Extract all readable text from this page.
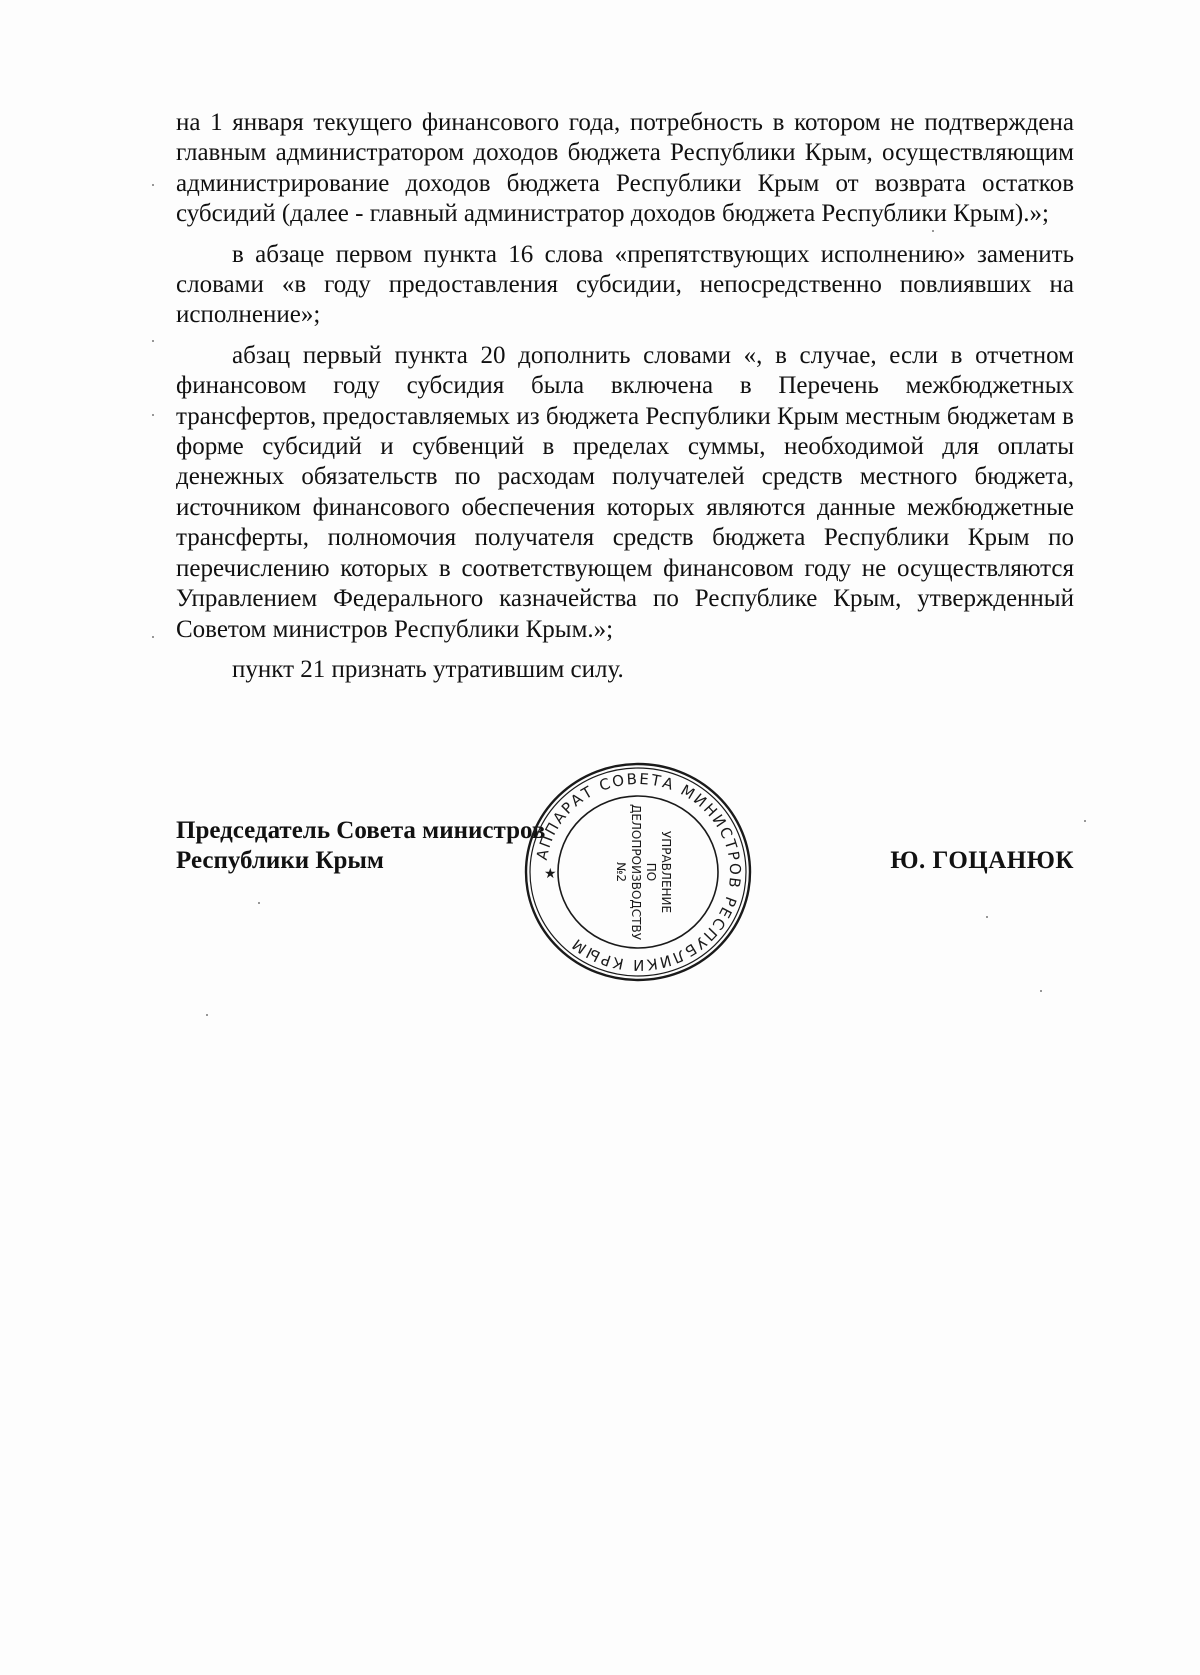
на 1 января текущего финансового года, потребность в котором не подтверждена главным администратором доходов бюджета Республики Крым, осуществляющим администрирование доходов бюджета Республики Крым от возврата остатков субсидий (далее - главный администратор доходов бюджета Республики Крым).»;

в абзаце первом пункта 16 слова «препятствующих исполнению» заменить словами «в году предоставления субсидии, непосредственно повлиявших на исполнение»;

абзац первый пункта 20 дополнить словами «, в случае, если в отчетном финансовом году субсидия была включена в Перечень межбюджетных трансфертов, предоставляемых из бюджета Республики Крым местным бюджетам в форме субсидий и субвенций в пределах суммы, необходимой для оплаты денежных обязательств по расходам получателей средств местного бюджета, источником финансового обеспечения которых являются данные межбюджетные трансферты, полномочия получателя средств бюджета Республики Крым по перечислению которых в соответствующем финансовом году не осуществляются Управлением Федерального казначейства по Республике Крым, утвержденный Советом министров Республики Крым.»;

пункт 21 признать утратившим силу.

Председатель Совета министров
Республики Крым	Ю. ГОЦАНЮК
АППАРАТ СОВЕТА МИНИСТРОВ РЕСПУБЛИКИ КРЫМ
★	УПРАВЛЕНИЕ
ПО
ДЕЛОПРОИЗВОДСТВУ
№2
